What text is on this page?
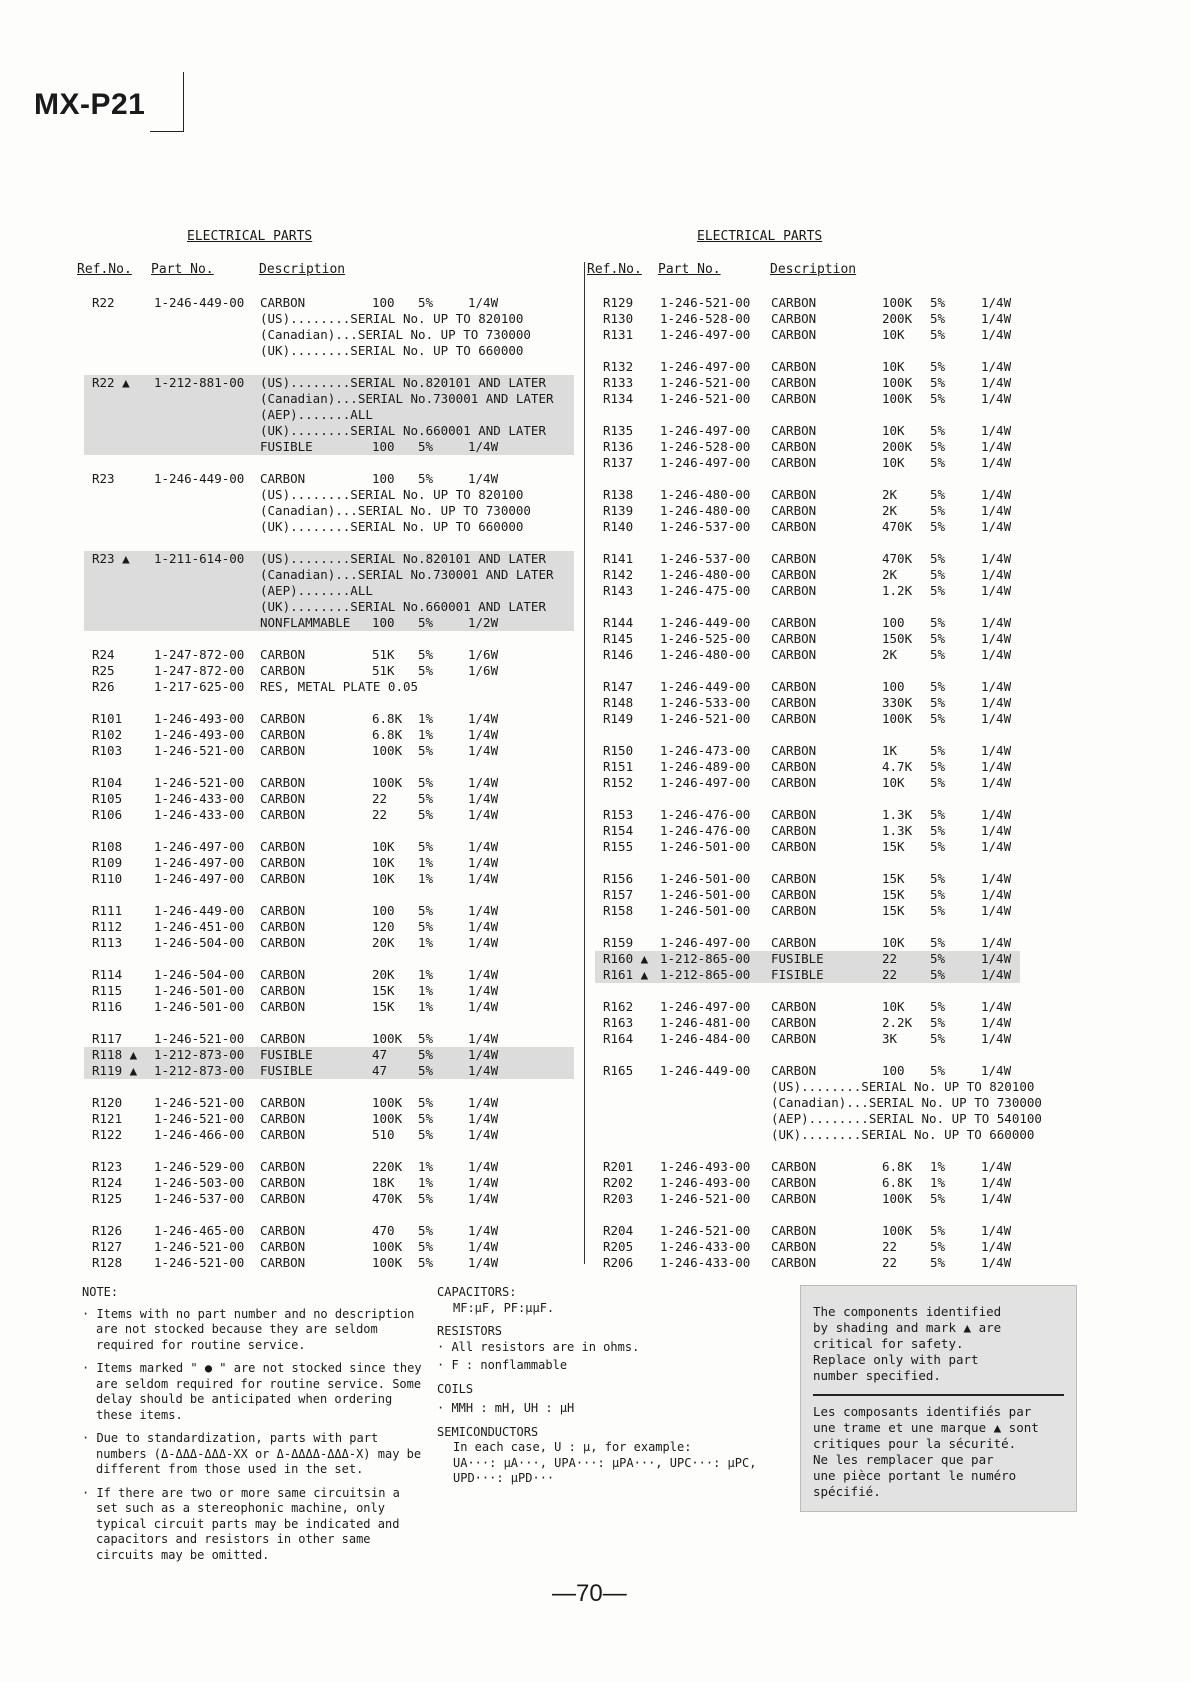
MX-P21
ELECTRICAL PARTS	ELECTRICAL PARTS
Ref.No. Part No.	Description	Ref.No. Part No.	Description
R22	1-246-449-00 CARBON	100 5%	1/4W
(US)........SERIAL No. UP TO 820100
(Canadian)...SERIAL No. UP TO 730000
(UK)........SERIAL No. UP TO 660000
R22 ▲ 1-212-881-00 (US)........SERIAL No.820101 AND LATER
(Canadian)...SERIAL No.730001 AND LATER
(AEP).......ALL
(UK)........SERIAL No.660001 AND LATER
FUSIBLE	100 5%	1/4W
R23	1-246-449-00 CARBON	100 5%	1/4W
(US)........SERIAL No. UP TO 820100
(Canadian)...SERIAL No. UP TO 730000
(UK)........SERIAL No. UP TO 660000
R23 ▲ 1-211-614-00 (US)........SERIAL No.820101 AND LATER
(Canadian)...SERIAL No.730001 AND LATER
(AEP).......ALL
(UK)........SERIAL No.660001 AND LATER
NONFLAMMABLE 100 5%	1/2W
R24	1-247-872-00 CARBON	51K 5%	1/6W
R25	1-247-872-00 CARBON	51K 5%	1/6W
R26	1-217-625-00 RES, METAL PLATE 0.05
R101	1-246-493-00 CARBON	6.8K 1%	1/4W
R102	1-246-493-00 CARBON	6.8K 1%	1/4W
R103	1-246-521-00 CARBON	100K 5%	1/4W
R104	1-246-521-00 CARBON	100K 5%	1/4W
R105	1-246-433-00 CARBON	22 5%	1/4W
R106	1-246-433-00 CARBON	22 5%	1/4W
R108	1-246-497-00 CARBON	10K 5%	1/4W
R109	1-246-497-00 CARBON	10K 1%	1/4W
R110	1-246-497-00 CARBON	10K 1%	1/4W
R111	1-246-449-00 CARBON	100 5%	1/4W
R112	1-246-451-00 CARBON	120 5%	1/4W
R113	1-246-504-00 CARBON	20K 1%	1/4W
R114	1-246-504-00 CARBON	20K 1%	1/4W
R115	1-246-501-00 CARBON	15K 1%	1/4W
R116	1-246-501-00 CARBON	15K 1%	1/4W
R117	1-246-521-00 CARBON	100K 5%	1/4W
R118 ▲ 1-212-873-00 FUSIBLE	47 5%	1/4W
R119 ▲ 1-212-873-00 FUSIBLE	47 5%	1/4W
R120	1-246-521-00 CARBON	100K 5%	1/4W
R121	1-246-521-00 CARBON	100K 5%	1/4W
R122	1-246-466-00 CARBON	510 5%	1/4W
R123	1-246-529-00 CARBON	220K 1%	1/4W
R124	1-246-503-00 CARBON	18K 1%	1/4W
R125	1-246-537-00 CARBON	470K 5%	1/4W
R126	1-246-465-00 CARBON	470 5%	1/4W
R127	1-246-521-00 CARBON	100K 5%	1/4W
R128	1-246-521-00 CARBON	100K 5%	1/4W
R129 1-246-521-00 CARBON	100K 5%	1/4W
R130 1-246-528-00 CARBON	200K 5%	1/4W
R131 1-246-497-00 CARBON	10K 5%	1/4W
R132 1-246-497-00 CARBON	10K 5%	1/4W
R133 1-246-521-00 CARBON	100K 5%	1/4W
R134 1-246-521-00 CARBON	100K 5%	1/4W
R135 1-246-497-00 CARBON	10K 5%	1/4W
R136 1-246-528-00 CARBON	200K 5%	1/4W
R137 1-246-497-00 CARBON	10K 5%	1/4W
R138 1-246-480-00 CARBON	2K	5%	1/4W
R139 1-246-480-00 CARBON	2K	5%	1/4W
R140 1-246-537-00 CARBON	470K 5%	1/4W
R141 1-246-537-00 CARBON	470K 5%	1/4W
R142 1-246-480-00 CARBON	2K	5%	1/4W
R143 1-246-475-00 CARBON	1.2K 5%	1/4W
R144 1-246-449-00 CARBON	100 5%	1/4W
R145 1-246-525-00 CARBON	150K 5%	1/4W
R146 1-246-480-00 CARBON	2K	5%	1/4W
R147 1-246-449-00 CARBON	100 5%	1/4W
R148 1-246-533-00 CARBON	330K 5%	1/4W
R149 1-246-521-00 CARBON	100K 5%	1/4W
R150 1-246-473-00 CARBON	1K	5%	1/4W
R151 1-246-489-00 CARBON	4.7K 5%	1/4W
R152 1-246-497-00 CARBON	10K 5%	1/4W
R153 1-246-476-00 CARBON	1.3K 5%	1/4W
R154 1-246-476-00 CARBON	1.3K 5%	1/4W
R155 1-246-501-00 CARBON	15K 5%	1/4W
R156 1-246-501-00 CARBON	15K 5%	1/4W
R157 1-246-501-00 CARBON	15K 5%	1/4W
R158 1-246-501-00 CARBON	15K 5%	1/4W
R159 1-246-497-00 CARBON	10K 5%	1/4W
R160 ▲ 1-212-865-00 FUSIBLE	22	5%	1/4W
R161 ▲ 1-212-865-00 FISIBLE	22	5%	1/4W
R162 1-246-497-00 CARBON	10K 5%	1/4W
R163 1-246-481-00 CARBON	2.2K 5%	1/4W
R164 1-246-484-00 CARBON	3K	5%	1/4W
R165 1-246-449-00 CARBON	100 5%	1/4W
(US)........SERIAL No. UP TO 820100
(Canadian)...SERIAL No. UP TO 730000
(AEP)........SERIAL No. UP TO 540100
(UK)........SERIAL No. UP TO 660000
R201 1-246-493-00 CARBON	6.8K 1%	1/4W
R202 1-246-493-00 CARBON	6.8K 1%	1/4W
R203 1-246-521-00 CARBON	100K 5%	1/4W
R204 1-246-521-00 CARBON	100K 5%	1/4W
R205 1-246-433-00 CARBON	22	5%	1/4W
R206 1-246-433-00 CARBON	22	5%	1/4W

NOTE:

· Items with no part number and no description are not stocked because they are seldom required for routine service.
· Items marked " ● " are not stocked since they are seldom required for routine service. Some delay should be anticipated when ordering these items.
· Due to standardization, parts with part numbers (Δ-ΔΔΔ-ΔΔΔ-XX or Δ-ΔΔΔΔ-ΔΔΔ-X) may be different from those used in the set.
· If there are two or more same circuitsin a set such as a stereophonic machine, only typical circuit parts may be indicated and capacitors and resistors in other same circuits may be omitted.
CAPACITORS:
MF:μF, PF:μμF.
RESISTORS
· All resistors are in ohms.
· F : nonflammable
COILS
· MMH : mH, UH : μH
SEMICONDUCTORS
In each case, U : μ, for example:
UA···: μA···, UPA···: μPA···, UPC···: μPC,
UPD···: μPD···
The components identified
by shading and mark ▲ are
critical for safety.
Replace only with part
number specified.
Les composants identifiés par
une trame et une marque ▲ sont
critiques pour la sécurité.
Ne les remplacer que par
une pièce portant le numéro
spécifié.
—70—
